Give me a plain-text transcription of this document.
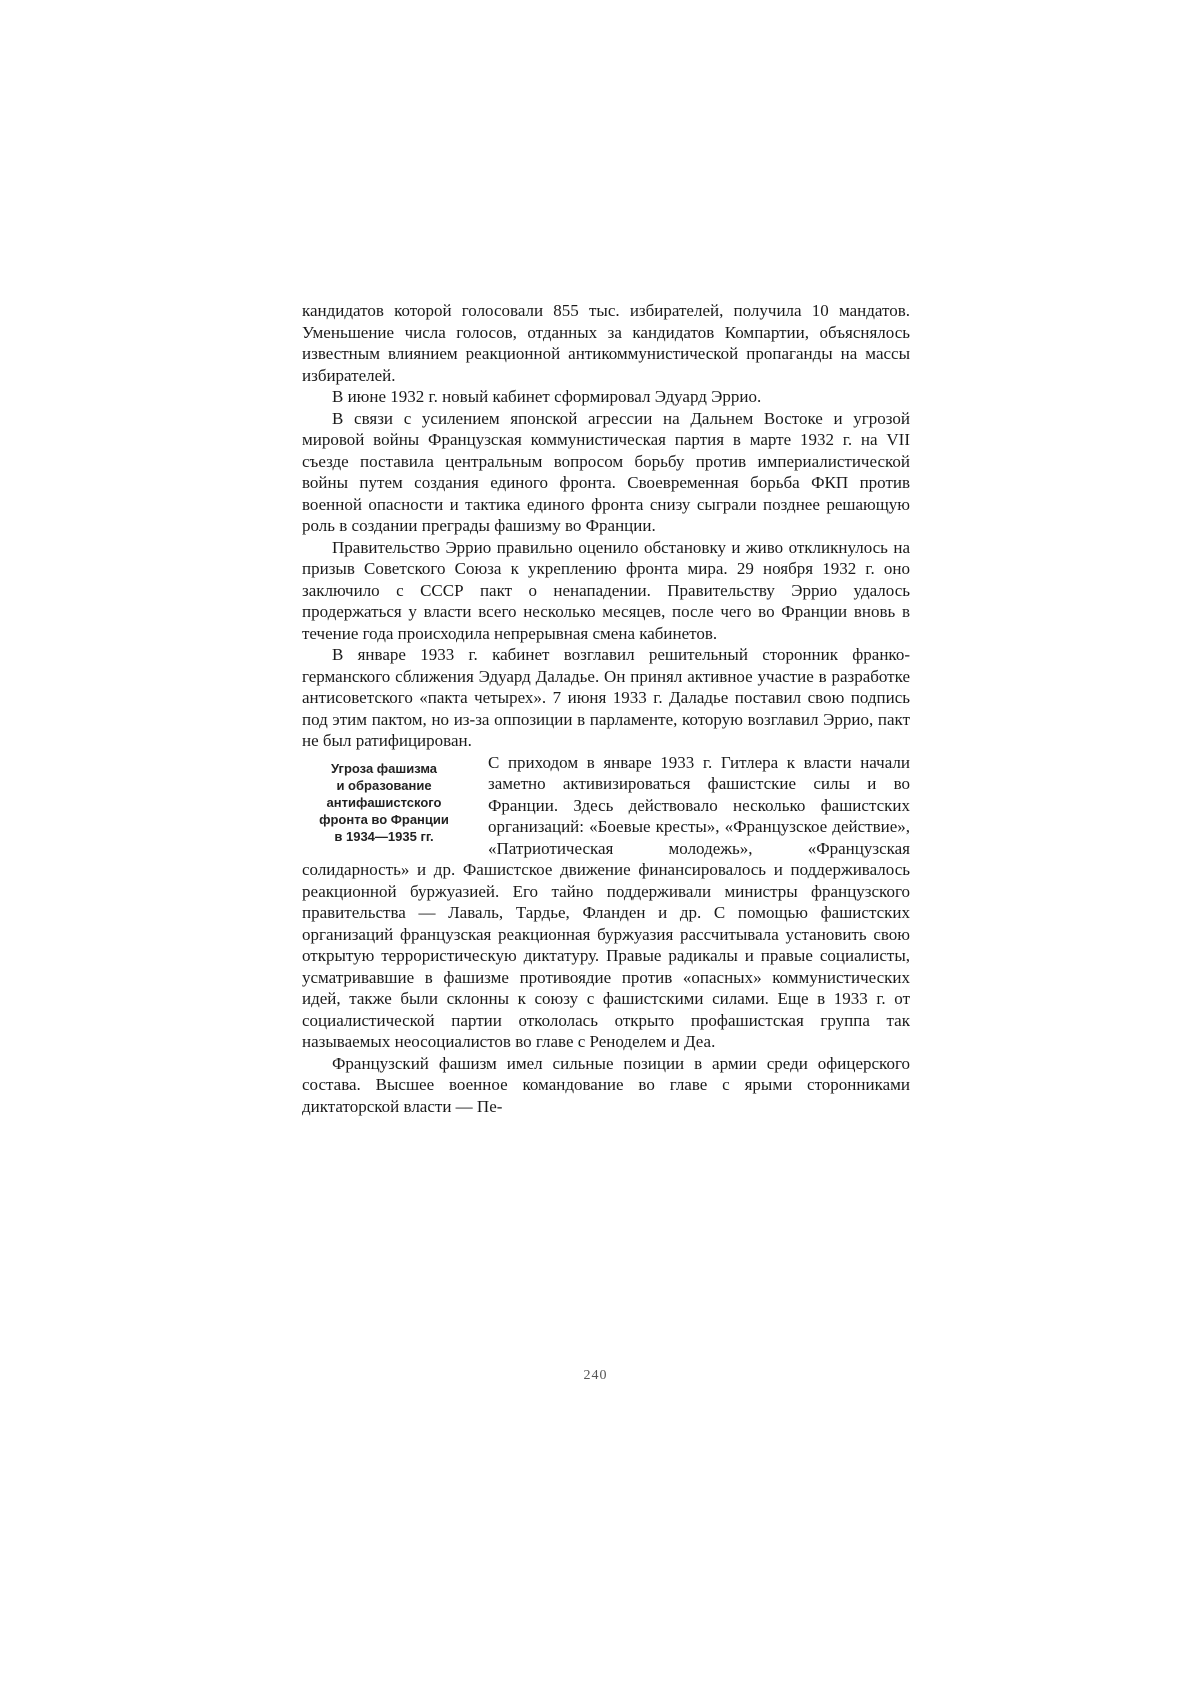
кандидатов которой голосовали 855 тыс. избирателей, получила 10 мандатов. Уменьшение числа голосов, отданных за кандидатов Компартии, объяснялось известным влиянием реакционной антикоммунистической пропаганды на массы избирателей.

В июне 1932 г. новый кабинет сформировал Эдуард Эррио.

В связи с усилением японской агрессии на Дальнем Востоке и угрозой мировой войны Французская коммунистическая партия в марте 1932 г. на VII съезде поставила центральным вопросом борьбу против империалистической войны путем создания единого фронта. Своевременная борьба ФКП против военной опасности и тактика единого фронта снизу сыграли позднее решающую роль в создании преграды фашизму во Франции.

Правительство Эррио правильно оценило обстановку и живо откликнулось на призыв Советского Союза к укреплению фронта мира. 29 ноября 1932 г. оно заключило с СССР пакт о ненападении. Правительству Эррио удалось продержаться у власти всего несколько месяцев, после чего во Франции вновь в течение года происходила непрерывная смена кабинетов.

В январе 1933 г. кабинет возглавил решительный сторонник франко-германского сближения Эдуард Даладье. Он принял активное участие в разработке антисоветского «пакта четырех». 7 июня 1933 г. Даладье поставил свою подпись под этим пактом, но из-за оппозиции в парламенте, которую возглавил Эррио, пакт не был ратифицирован.

Угроза фашизма
и образование
антифашистского
фронта во Франции
в 1934—1935 гг.

С приходом в январе 1933 г. Гитлера к власти начали заметно активизироваться фашистские силы и во Франции. Здесь действовало несколько фашистских организаций: «Боевые кресты», «Французское действие», «Патриотическая молодежь», «Французская солидарность» и др. Фашистское движение финансировалось и поддерживалось реакционной буржуазией. Его тайно поддерживали министры французского правительства — Лаваль, Тардье, Фланден и др. С помощью фашистских организаций французская реакционная буржуазия рассчитывала установить свою открытую террористическую диктатуру. Правые радикалы и правые социалисты, усматривавшие в фашизме противоядие против «опасных» коммунистических идей, также были склонны к союзу с фашистскими силами. Еще в 1933 г. от социалистической партии откололась открыто профашистская группа так называемых неосоциалистов во главе с Реноделем и Деа.

Французский фашизм имел сильные позиции в армии среди офицерского состава. Высшее военное командование во главе с ярыми сторонниками диктаторской власти — Пе-

240
